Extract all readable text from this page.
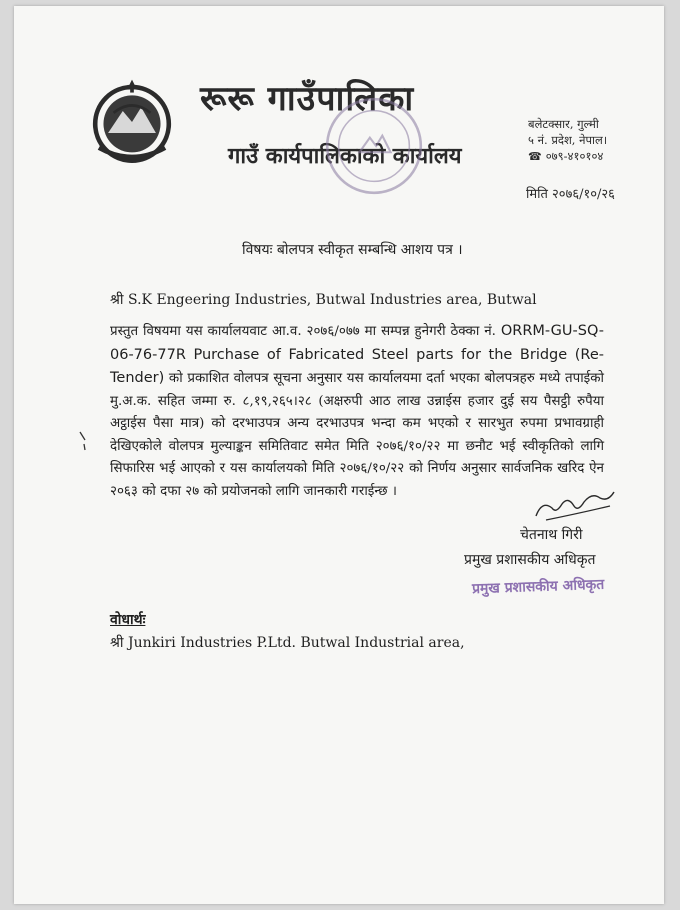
रूरू गाउँपालिका
गाउँ कार्यपालिकाको कार्यालय
बलेटक्सार, गुल्मी
५ नं. प्रदेश, नेपाल।
☎ ०७९-४१०१०४
मिति २०७६/१०/२६
विषयः बोलपत्र स्वीकृत सम्बन्धि आशय पत्र ।
श्री S.K Engeering Industries, Butwal Industries area, Butwal
प्रस्तुत विषयमा यस कार्यालयवाट आ.व. २०७६/०७७ मा सम्पन्न हुनेगरी ठेक्का नं. ORRM-GU-SQ-06-76-77R Purchase of Fabricated Steel parts for the Bridge (Re-Tender) को प्रकाशित वोलपत्र सूचना अनुसार यस कार्यालयमा दर्ता भएका बोलपत्रहरु मध्ये तपाईको मु.अ.क. सहित जम्मा रु. ८,१९,२६५।२८ (अक्षरुपी आठ लाख उन्नाईस हजार दुई सय पैसट्ठी रुपैया अट्ठाईस पैसा मात्र) को दरभाउपत्र अन्य दरभाउपत्र भन्दा कम भएको र सारभुत रुपमा प्रभावग्राही देखिएकोले वोलपत्र मुल्याङ्कन समितिवाट समेत मिति २०७६/१०/२२ मा छनौट भई स्वीकृतिको लागि सिफारिस भई आएको र यस कार्यालयको मिति २०७६/१०/२२ को निर्णय अनुसार सार्वजनिक खरिद ऐन २०६३ को दफा २७ को प्रयोजनको लागि जानकारी गराईन्छ ।
चेतनाथ गिरी
प्रमुख प्रशासकीय अधिकृत
प्रमुख प्रशासकीय अधिकृत
वोधार्थः
श्री Junkiri Industries P.Ltd. Butwal Industrial area,
